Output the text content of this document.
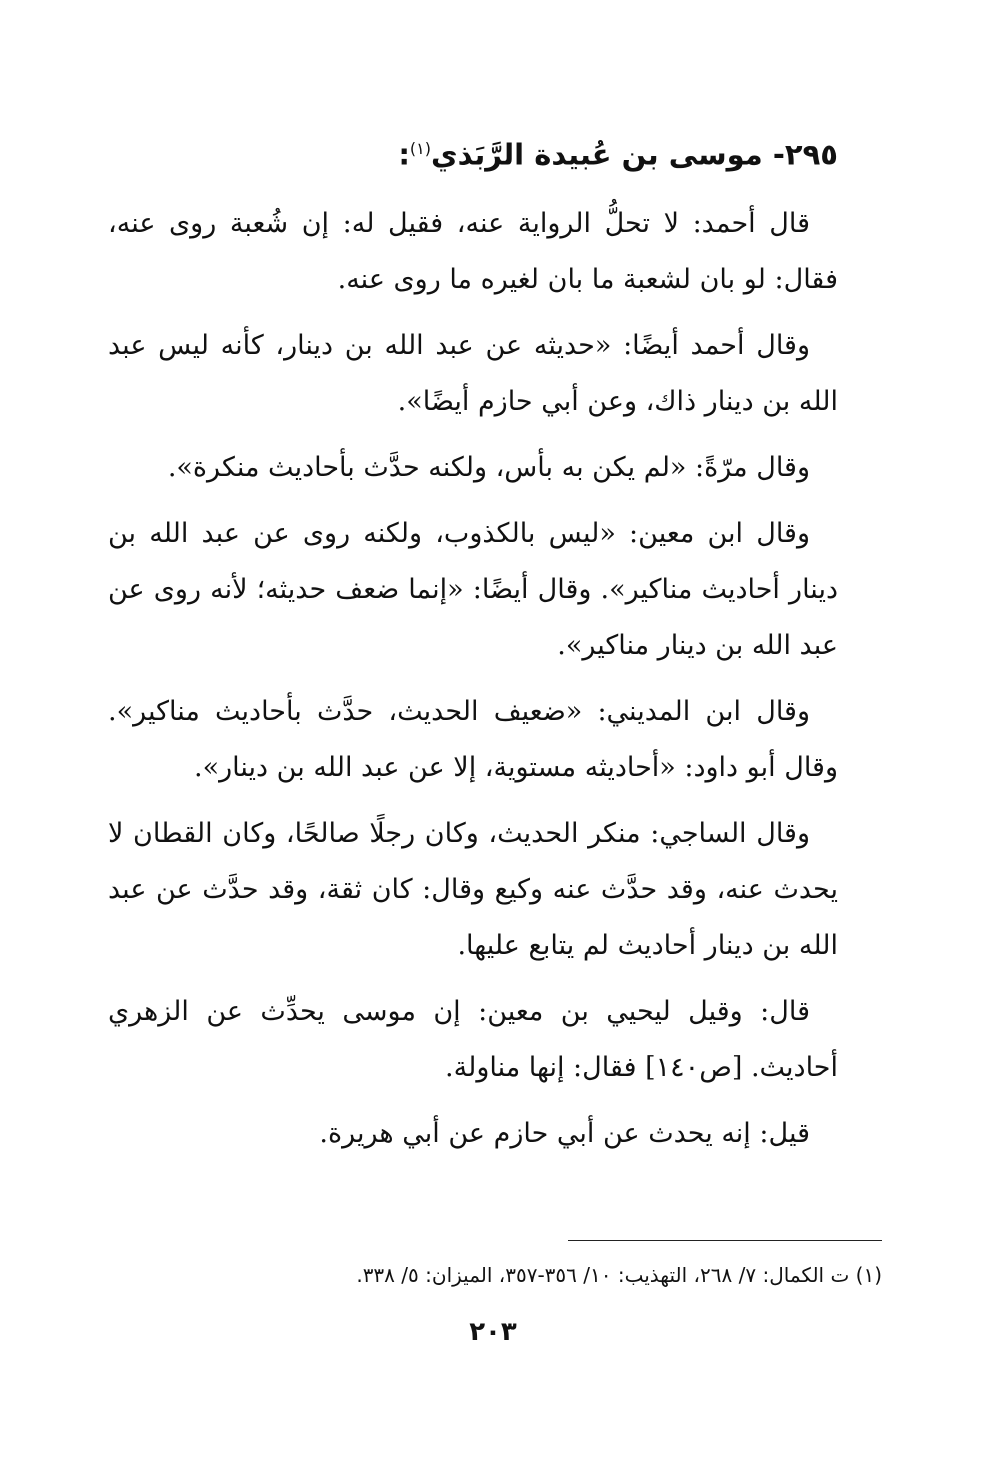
٢٩٥- موسى بن عُبيدة الرَّبَذي$^{(١)}$:

قال أحمد: لا تحلُّ الرواية عنه، فقيل له: إن شُعبة روى عنه، فقال: لو بان لشعبة ما بان لغيره ما روى عنه.

وقال أحمد أيضًا: «حديثه عن عبد الله بن دينار، كأنه ليس عبد الله بن دينار ذاك، وعن أبي حازم أيضًا».

وقال مرّةً: «لم يكن به بأس، ولكنه حدَّث بأحاديث منكرة».

وقال ابن معين: «ليس بالكذوب، ولكنه روى عن عبد الله بن دينار أحاديث مناكير». وقال أيضًا: «إنما ضعف حديثه؛ لأنه روى عن عبد الله بن دينار مناكير».

وقال ابن المديني: «ضعيف الحديث، حدَّث بأحاديث مناكير». وقال أبو داود: «أحاديثه مستوية، إلا عن عبد الله بن دينار».

وقال الساجي: منكر الحديث، وكان رجلًا صالحًا، وكان القطان لا يحدث عنه، وقد حدَّث عنه وكيع وقال: كان ثقة، وقد حدَّث عن عبد الله بن دينار أحاديث لم يتابع عليها.

قال: وقيل ليحيي بن معين: إن موسى يحدِّث عن الزهري أحاديث. [ص١٤٠] فقال: إنها مناولة.

قيل: إنه يحدث عن أبي حازم عن أبي هريرة.

(١) ت الكمال: ٧/ ٢٦٨، التهذيب: ١٠/ ٣٥٦-٣٥٧، الميزان: ٥/ ٣٣٨.
٢٠٣
